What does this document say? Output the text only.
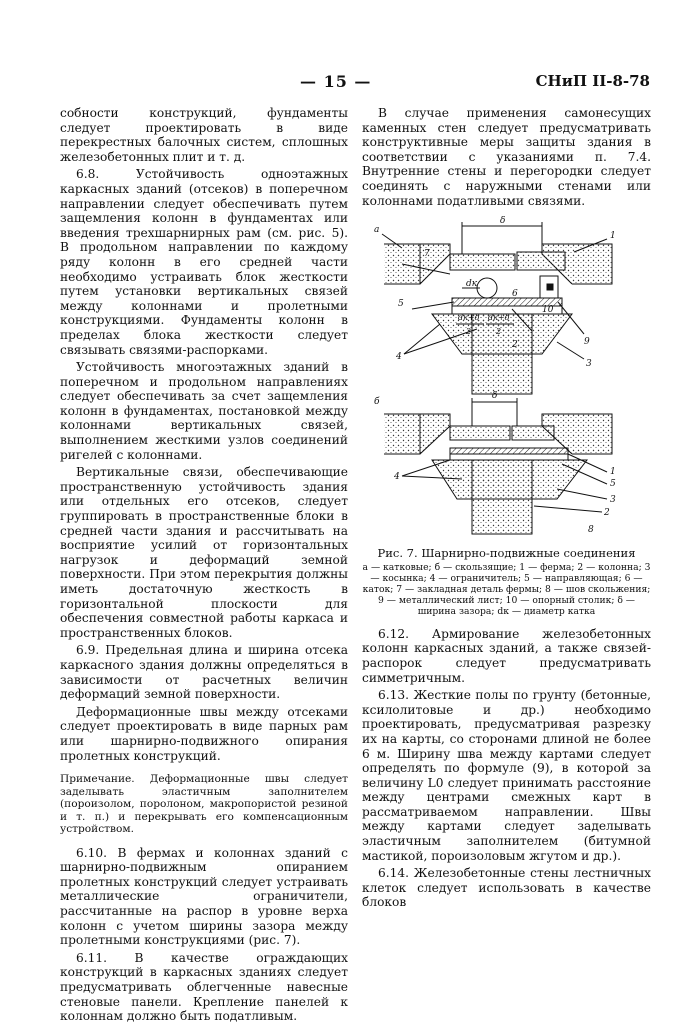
— 15 —	СНиП II-8-78

собности конструкций, фундаменты следует проектировать в виде перекрестных балочных систем, сплошных железобетонных плит и т. д.

6.8. Устойчивость одноэтажных каркасных зданий (отсеков) в поперечном направлении следует обеспечивать путем защемления колонн в фундаментах или введения трехшарнирных рам (см. рис. 5). В продольном направлении по каждому ряду колонн в его средней части необходимо устраивать блок жесткости путем установки вертикальных связей между колоннами и пролетными конструкциями. Фундаменты колонн в пределах блока жесткости следует связывать связями-распорками.

Устойчивость многоэтажных зданий в поперечном и продольном направлениях следует обеспечивать за счет защемления колонн в фундаментах, постановкой между колоннами вертикальных связей, выполнением жесткими узлов соединений ригелей с колоннами.

Вертикальные связи, обеспечивающие пространственную устойчивость здания или отдельных его отсеков, следует группировать в пространственные блоки в средней части здания и рассчитывать на восприятие усилий от горизонтальных нагрузок и деформаций земной поверхности. При этом перекрытия должны иметь достаточную жесткость в горизонтальной плоскости для обеспечения совместной работы каркаса и пространственных блоков.

6.9. Предельная длина и ширина отсека каркасного здания должны определяться в зависимости от расчетных величин деформаций земной поверхности.

Деформационные швы между отсеками следует проектировать в виде парных рам или шарнирно-подвижного опирания пролетных конструкций.

Примечание. Деформационные швы следует заделывать эластичным заполнителем (пороизолом, поролоном, макропористой резиной и т. п.) и перекрывать его компенсационным устройством.

6.10. В фермах и колоннах зданий с шарнирно-подвижным опиранием пролетных конструкций следует устраивать металлические ограничители, рассчитанные на распор в уровне верха колонн с учетом ширины зазора между пролетными конструкциями (рис. 7).

6.11. В качестве ограждающих конструкций в каркасных зданиях следует предусматривать облегченные навесные стеновые панели. Крепление панелей к колоннам должно быть податливым.

В случае применения самонесущих каменных стен следует предусматривать конструктивные меры защиты здания в соответствии с указаниями п. 7.4. Внутренние стены и перегородки следует соединять с наружными стенами или колоннами податливыми связями.

а
δ
1
7
5
6
10
dк
4
2	9
3
dк+δ
2
dк+δ
2
б
δ
4	1
5
3
2
8

Рис. 7. Шарнирно-подвижные соединения

а — катковые; б — скользящие; 1 — ферма; 2 — колонна; 3 — косынка; 4 — ограничитель; 5 — направляющая; 6 — каток; 7 — закладная деталь фермы; 8 — шов скольжения; 9 — металлический лист; 10 — опорный столик; δ — ширина зазора; dк — диаметр катка

6.12. Армирование железобетонных колонн каркасных зданий, а также связей-распорок следует предусматривать симметричным.

6.13. Жесткие полы по грунту (бетонные, ксилолитовые и др.) необходимо проектировать, предусматривая разрезку их на карты, со сторонами длиной не более 6 м. Ширину шва между картами следует определять по формуле (9), в которой за величину L0 следует принимать расстояние между центрами смежных карт в рассматриваемом направлении. Швы между картами следует заделывать эластичным заполнителем (битумной мастикой, пороизоловым жгутом и др.).

6.14. Железобетонные стены лестничных клеток следует использовать в качестве блоков
